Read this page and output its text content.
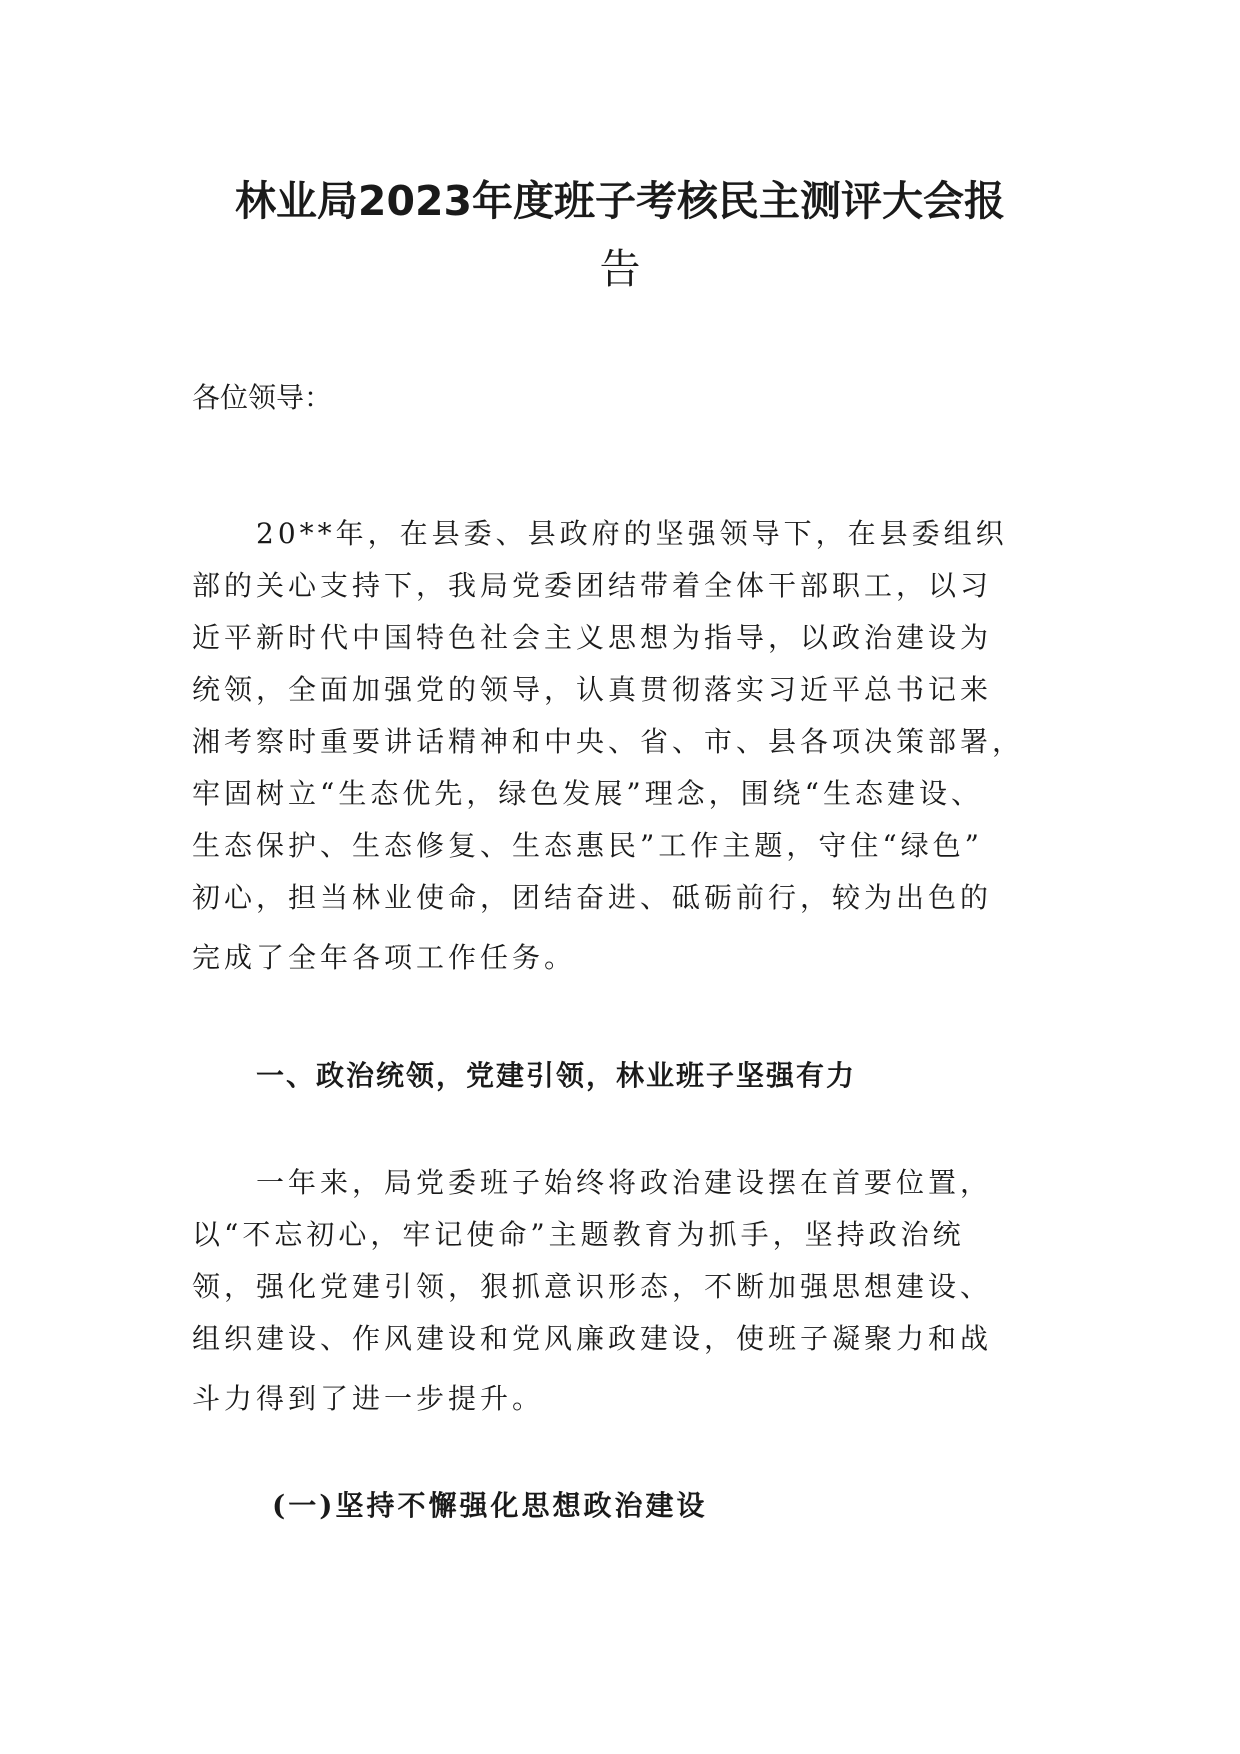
林业局2023年度班子考核民主测评大会报
告

各位领导：

20**年，在县委、县政府的坚强领导下，在县委组织
部的关心支持下，我局党委团结带着全体干部职工，以习
近平新时代中国特色社会主义思想为指导，以政治建设为
统领，全面加强党的领导，认真贯彻落实习近平总书记来
湘考察时重要讲话精神和中央、省、市、县各项决策部署，
牢固树立“生态优先，绿色发展”理念，围绕“生态建设、
生态保护、生态修复、生态惠民”工作主题，守住“绿色”
初心，担当林业使命，团结奋进、砥砺前行，较为出色的
完成了全年各项工作任务。
一、政治统领，党建引领，林业班子坚强有力
一年来，局党委班子始终将政治建设摆在首要位置，
以“不忘初心，牢记使命”主题教育为抓手，坚持政治统
领，强化党建引领，狠抓意识形态，不断加强思想建设、
组织建设、作风建设和党风廉政建设，使班子凝聚力和战
斗力得到了进一步提升。
(一)坚持不懈强化思想政治建设
